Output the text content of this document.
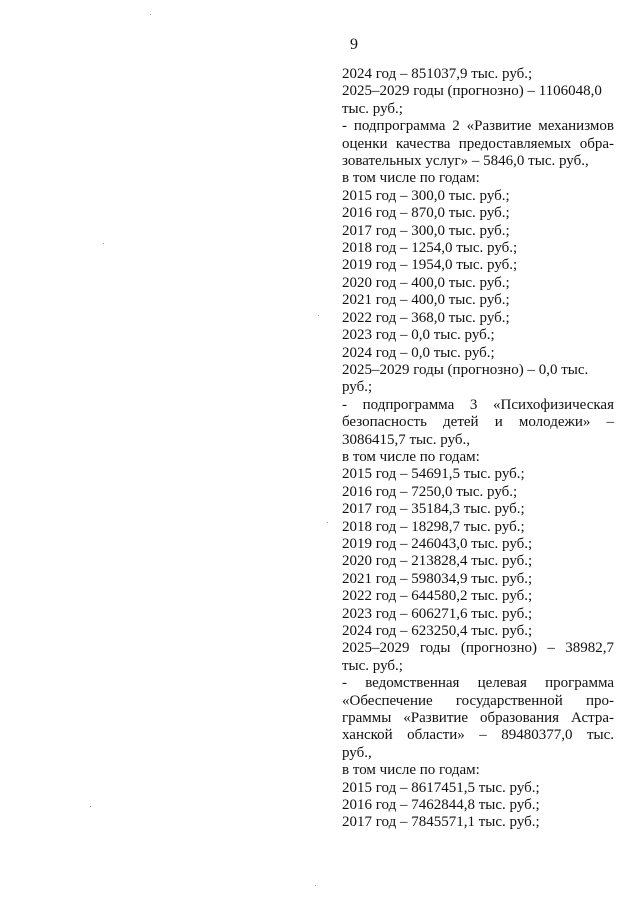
9

2024 год – 851037,9 тыс. руб.;

2025–2029 годы (прогнозно) – 1106048,0

тыс. руб.;

- подпрограмма 2 «Развитие механизмов

оценки качества предоставляемых обра-

зовательных услуг» – 5846,0 тыс. руб.,

в том числе по годам:

2015 год – 300,0 тыс. руб.;

2016 год – 870,0 тыс. руб.;

2017 год – 300,0 тыс. руб.;

2018 год – 1254,0 тыс. руб.;

2019 год – 1954,0 тыс. руб.;

2020 год – 400,0 тыс. руб.;

2021 год – 400,0 тыс. руб.;

2022 год – 368,0 тыс. руб.;

2023 год – 0,0 тыс. руб.;

2024 год – 0,0 тыс. руб.;

2025–2029 годы (прогнозно) – 0,0 тыс.

руб.;

- подпрограмма 3 «Психофизическая

безопасность детей и молодежи» –

3086415,7 тыс. руб.,

в том числе по годам:

2015 год – 54691,5 тыс. руб.;

2016 год – 7250,0 тыс. руб.;

2017 год – 35184,3 тыс. руб.;

2018 год – 18298,7 тыс. руб.;

2019 год – 246043,0 тыс. руб.;

2020 год – 213828,4 тыс. руб.;

2021 год – 598034,9 тыс. руб.;

2022 год – 644580,2 тыс. руб.;

2023 год – 606271,6 тыс. руб.;

2024 год – 623250,4 тыс. руб.;

2025–2029 годы (прогнозно) – 38982,7

тыс. руб.;

- ведомственная целевая программа

«Обеспечение государственной про-

граммы «Развитие образования Астра-

ханской области» – 89480377,0 тыс.

руб.,

в том числе по годам:

2015 год – 8617451,5 тыс. руб.;

2016 год – 7462844,8 тыс. руб.;

2017 год – 7845571,1 тыс. руб.;
